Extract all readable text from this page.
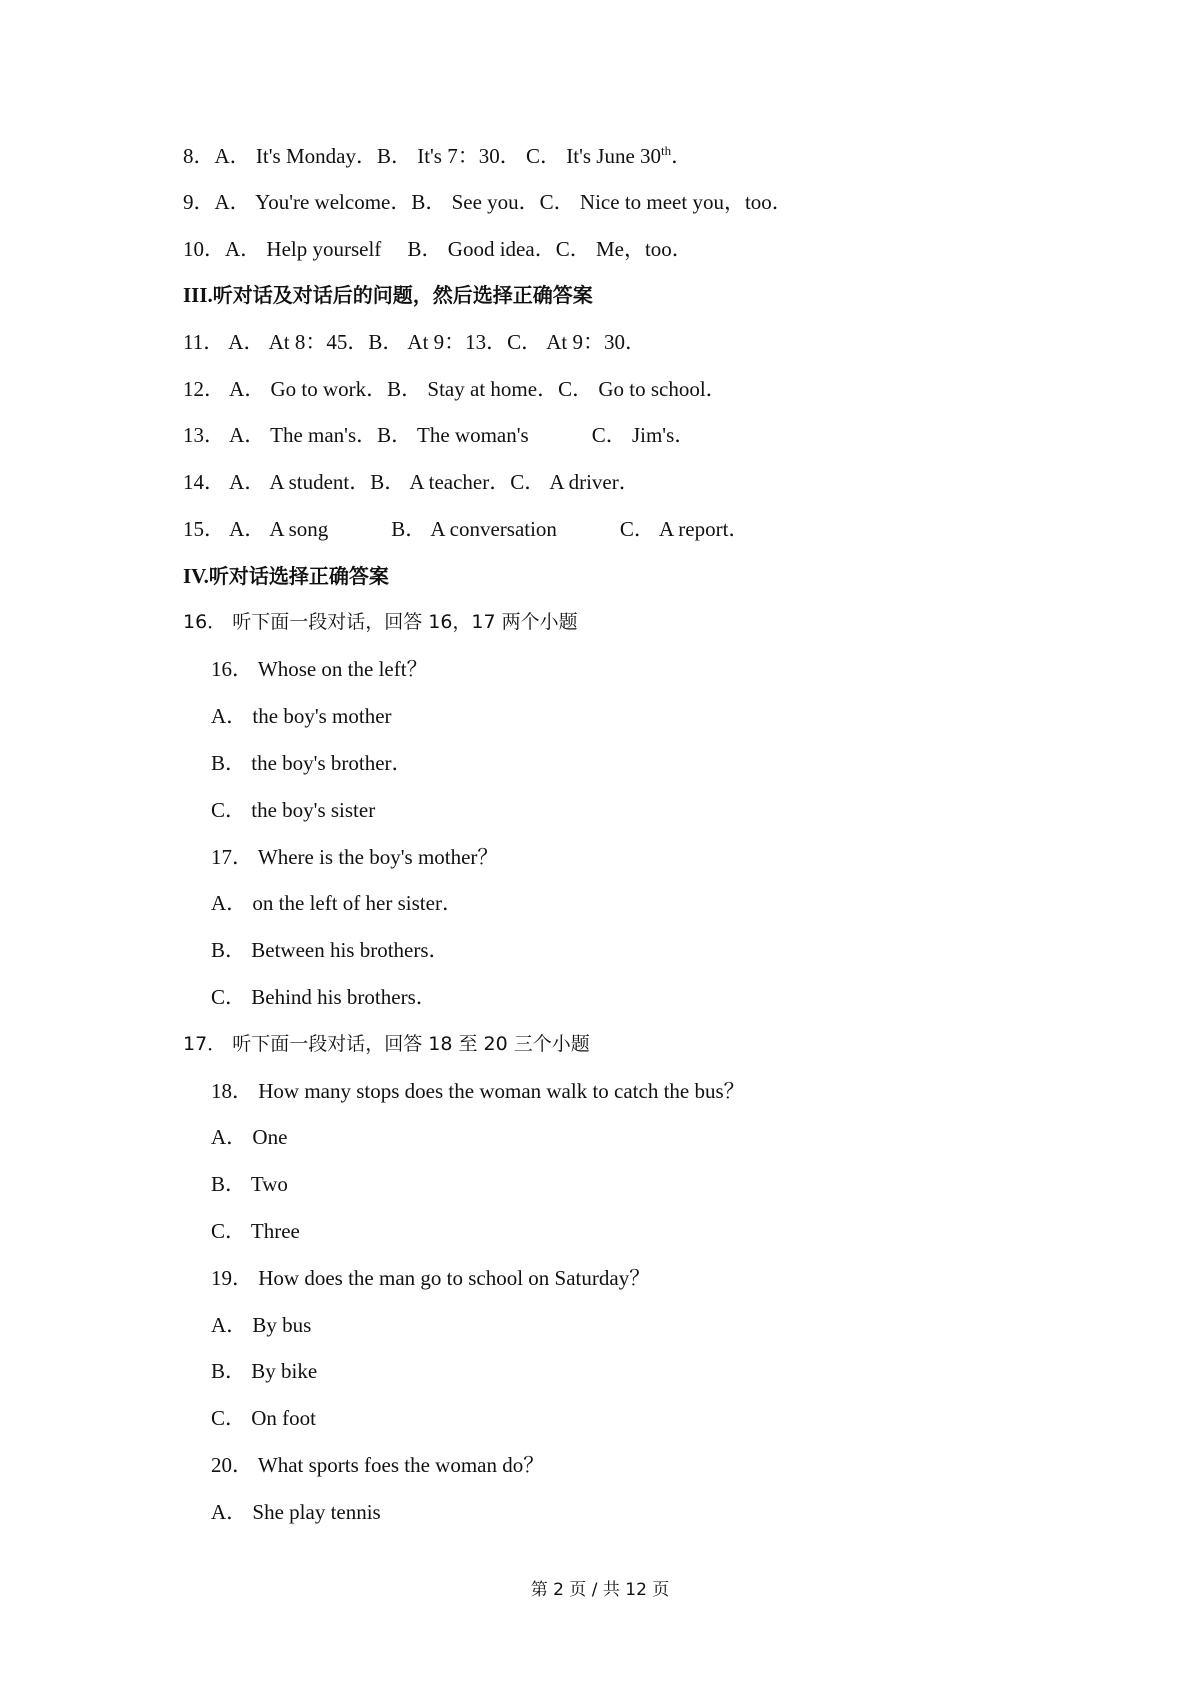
8．A． It's Monday．B． It's 7：30． C． It's June 30th．
9．A． You're welcome．B． See you．C． Nice to meet you，too．
10．A． Help yourself　 B． Good idea．C． Me，too．
III.听对话及对话后的问题，然后选择正确答案
11． A． At 8：45．B． At 9：13．C． At 9：30．
12． A． Go to work．B． Stay at home．C． Go to school．
13． A． The man's．B． The woman's　　　C． Jim's．
14． A． A student．B． A teacher．C． A driver．
15． A． A song　　　B． A conversation　　　C． A report．
IV.听对话选择正确答案
16． 听下面一段对话，回答 16，17 两个小题
16． Whose on the left？
A． the boy's mother
B． the boy's brother．
C． the boy's sister
17． Where is the boy's mother？
A． on the left of her sister．
B． Between his brothers．
C． Behind his brothers．
17． 听下面一段对话，回答 18 至 20 三个小题
18． How many stops does the woman walk to catch the bus？
A． One
B． Two
C． Three
19． How does the man go to school on Saturday？
A． By bus
B． By bike
C． On foot
20． What sports foes the woman do？
A． She play tennis
第 2 页 / 共 12 页
